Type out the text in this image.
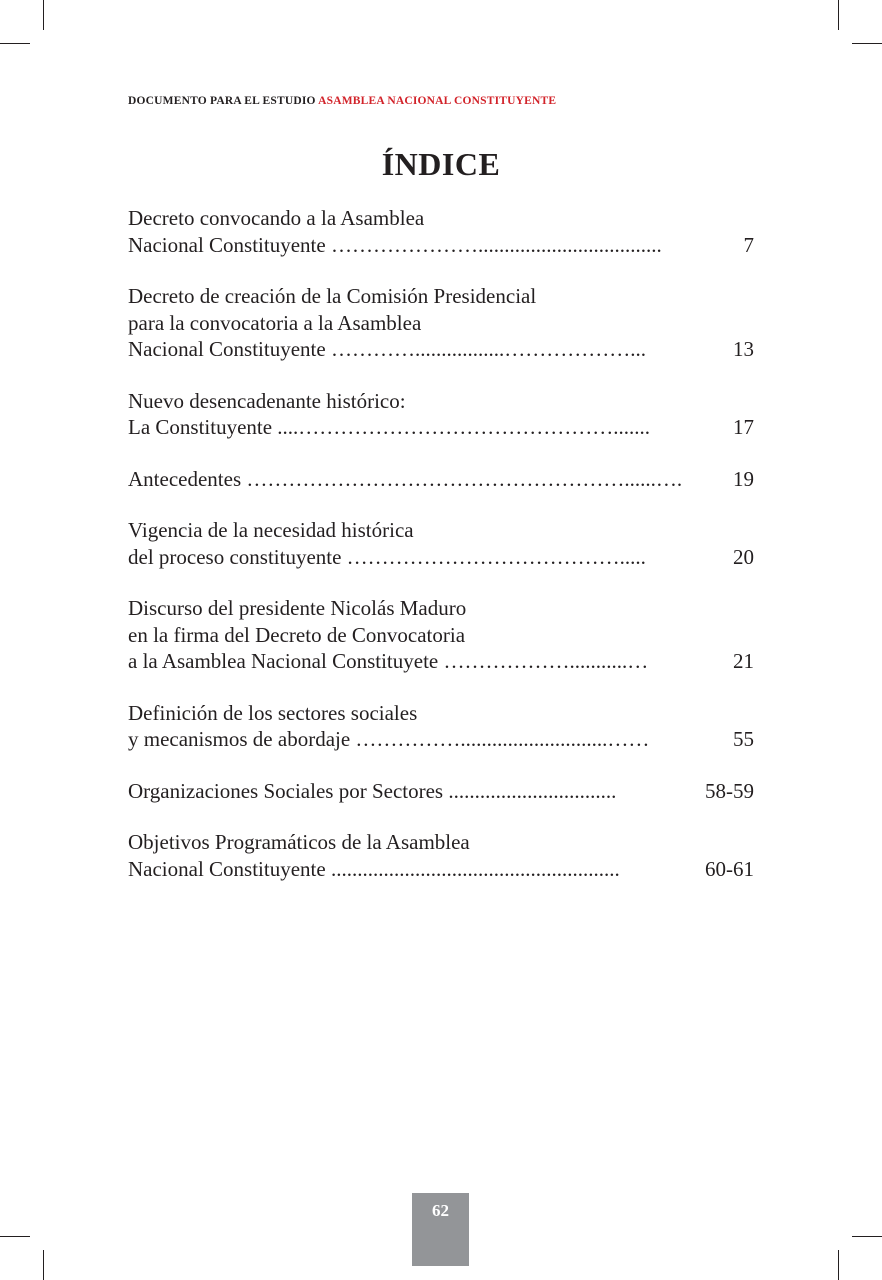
DOCUMENTO PARA EL ESTUDIO ASAMBLEA NACIONAL CONSTITUYENTE
ÍNDICE
Decreto convocando a la Asamblea
Nacional Constituyente …………………...................................	7
Decreto de creación de la Comisión Presidencial
para la convocatoria a la Asamblea
Nacional Constituyente ………….................………………...	13
Nuevo desencadenante histórico:
La Constituyente ....……………………………………….......	17
Antecedentes ………………………………………………......….	19
Vigencia de la necesidad histórica
del proceso constituyente ………………………………….....	20
Discurso del presidente Nicolás Maduro
en la firma del Decreto de Convocatoria
a la Asamblea Nacional Constituyete ………………...........…	21
Definición de los sectores sociales
y mecanismos de abordaje ……………............................……	55
Organizaciones Sociales por Sectores ................................	58-59
Objetivos Programáticos de la Asamblea
Nacional Constituyente .......................................................	60-61
62
